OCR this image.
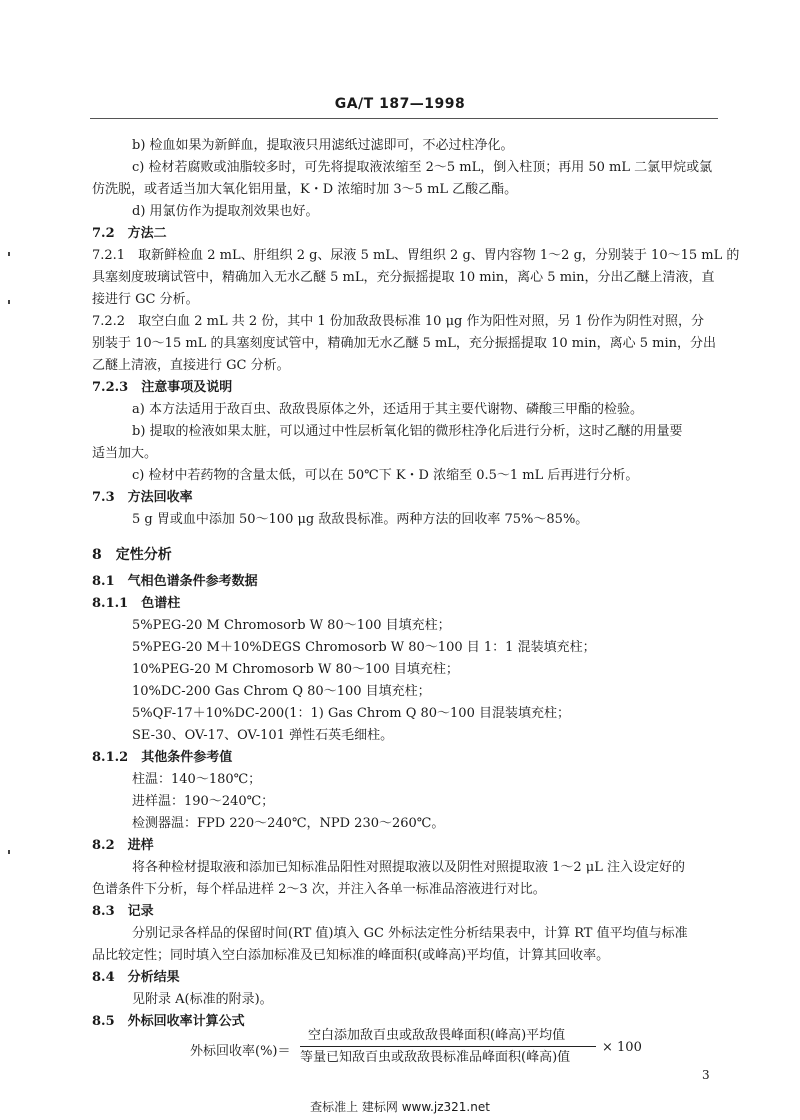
GA/T 187—1998
b) 检血如果为新鲜血，提取液只用滤纸过滤即可，不必过柱净化。
c) 检材若腐败或油脂较多时，可先将提取液浓缩至 2～5 mL，倒入柱顶；再用 50 mL 二氯甲烷或氯
仿洗脱，或者适当加大氧化铝用量，K・D 浓缩时加 3～5 mL 乙酸乙酯。
d) 用氯仿作为提取剂效果也好。
7.2　方法二
7.2.1　取新鲜检血 2 mL、肝组织 2 g、尿液 5 mL、胃组织 2 g、胃内容物 1～2 g，分别装于 10～15 mL 的
具塞刻度玻璃试管中，精确加入无水乙醚 5 mL，充分振摇提取 10 min，离心 5 min，分出乙醚上清液，直
接进行 GC 分析。
7.2.2　取空白血 2 mL 共 2 份，其中 1 份加敌敌畏标准 10 μg 作为阳性对照，另 1 份作为阴性对照，分
别装于 10～15 mL 的具塞刻度试管中，精确加无水乙醚 5 mL，充分振摇提取 10 min，离心 5 min，分出
乙醚上清液，直接进行 GC 分析。
7.2.3　注意事项及说明
a) 本方法适用于敌百虫、敌敌畏原体之外，还适用于其主要代谢物、磷酸三甲酯的检验。
b) 提取的检液如果太脏，可以通过中性层析氧化铝的微形柱净化后进行分析，这时乙醚的用量要
适当加大。
c) 检材中若药物的含量太低，可以在 50℃下 K・D 浓缩至 0.5～1 mL 后再进行分析。
7.3　方法回收率
5 g 胃或血中添加 50～100 μg 敌敌畏标准。两种方法的回收率 75%～85%。
8　定性分析
8.1　气相色谱条件参考数据
8.1.1　色谱柱
5%PEG-20 M Chromosorb W 80～100 目填充柱；
5%PEG-20 M＋10%DEGS Chromosorb W 80～100 目 1：1 混装填充柱；
10%PEG-20 M Chromosorb W 80～100 目填充柱；
10%DC-200 Gas Chrom Q 80～100 目填充柱；
5%QF-17＋10%DC-200(1：1) Gas Chrom Q 80～100 目混装填充柱；
SE-30、OV-17、OV-101 弹性石英毛细柱。
8.1.2　其他条件参考值
柱温：140～180℃；
进样温：190～240℃；
检测器温：FPD 220～240℃，NPD 230～260℃。
8.2　进样
将各种检材提取液和添加已知标准品阳性对照提取液以及阴性对照提取液 1～2 μL 注入设定好的
色谱条件下分析，每个样品进样 2～3 次，并注入各单一标准品溶液进行对比。
8.3　记录
分别记录各样品的保留时间(RT 值)填入 GC 外标法定性分析结果表中，计算 RT 值平均值与标准
品比较定性；同时填入空白添加标准及已知标准的峰面积(或峰高)平均值，计算其回收率。
8.4　分析结果
见附录 A(标准的附录)。
8.5　外标回收率计算公式
外标回收率(%)＝
空白添加敌百虫或敌敌畏峰面积(峰高)平均值
等量已知敌百虫或敌敌畏标准品峰面积(峰高)值
× 100
3
查标准上 建标网 www.jz321.net
